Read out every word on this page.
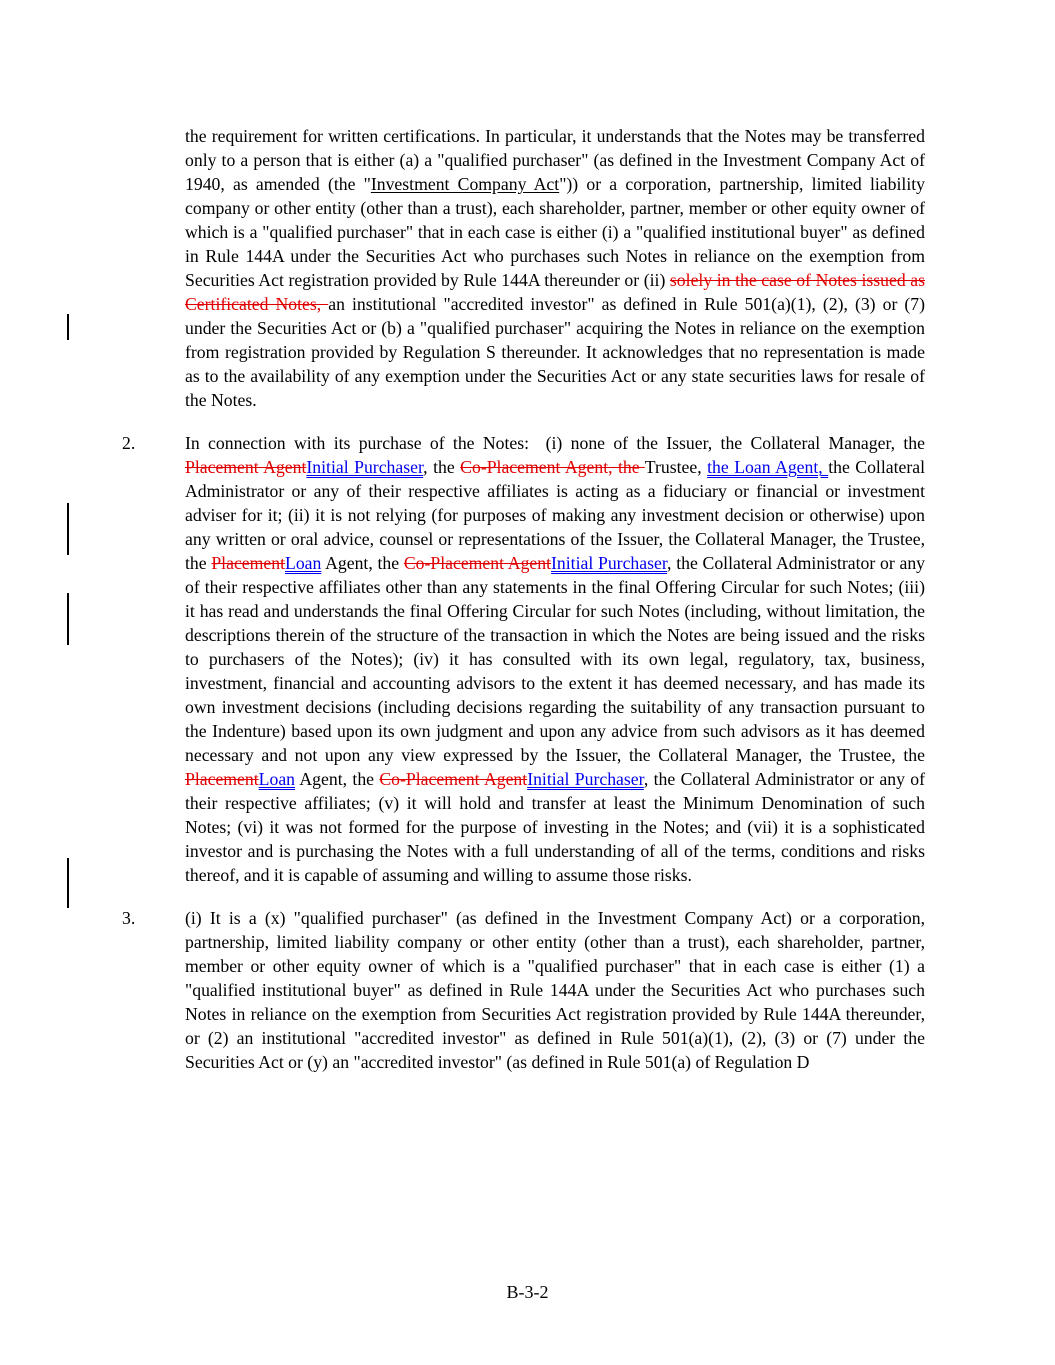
the requirement for written certifications. In particular, it understands that the Notes may be transferred only to a person that is either (a) a "qualified purchaser" (as defined in the Investment Company Act of 1940, as amended (the "Investment Company Act")) or a corporation, partnership, limited liability company or other entity (other than a trust), each shareholder, partner, member or other equity owner of which is a "qualified purchaser" that in each case is either (i) a "qualified institutional buyer" as defined in Rule 144A under the Securities Act who purchases such Notes in reliance on the exemption from Securities Act registration provided by Rule 144A thereunder or (ii) solely in the case of Notes issued as Certificated Notes, an institutional "accredited investor" as defined in Rule 501(a)(1), (2), (3) or (7) under the Securities Act or (b) a "qualified purchaser" acquiring the Notes in reliance on the exemption from registration provided by Regulation S thereunder. It acknowledges that no representation is made as to the availability of any exemption under the Securities Act or any state securities laws for resale of the Notes.
2.	In connection with its purchase of the Notes:  (i) none of the Issuer, the Collateral Manager, the Placement AgentInitial Purchaser, the Co-Placement Agent, the Trustee, the Loan Agent, the Collateral Administrator or any of their respective affiliates is acting as a fiduciary or financial or investment adviser for it; (ii) it is not relying (for purposes of making any investment decision or otherwise) upon any written or oral advice, counsel or representations of the Issuer, the Collateral Manager, the Trustee, the PlacementLoan Agent, the Co-Placement AgentInitial Purchaser, the Collateral Administrator or any of their respective affiliates other than any statements in the final Offering Circular for such Notes; (iii) it has read and understands the final Offering Circular for such Notes (including, without limitation, the descriptions therein of the structure of the transaction in which the Notes are being issued and the risks to purchasers of the Notes); (iv) it has consulted with its own legal, regulatory, tax, business, investment, financial and accounting advisors to the extent it has deemed necessary, and has made its own investment decisions (including decisions regarding the suitability of any transaction pursuant to the Indenture) based upon its own judgment and upon any advice from such advisors as it has deemed necessary and not upon any view expressed by the Issuer, the Collateral Manager, the Trustee, the PlacementLoan Agent, the Co-Placement AgentInitial Purchaser, the Collateral Administrator or any of their respective affiliates; (v) it will hold and transfer at least the Minimum Denomination of such Notes; (vi) it was not formed for the purpose of investing in the Notes; and (vii) it is a sophisticated investor and is purchasing the Notes with a full understanding of all of the terms, conditions and risks thereof, and it is capable of assuming and willing to assume those risks.
3.	(i) It is a (x) "qualified purchaser" (as defined in the Investment Company Act) or a corporation, partnership, limited liability company or other entity (other than a trust), each shareholder, partner, member or other equity owner of which is a "qualified purchaser" that in each case is either (1) a "qualified institutional buyer" as defined in Rule 144A under the Securities Act who purchases such Notes in reliance on the exemption from Securities Act registration provided by Rule 144A thereunder, or (2) an institutional "accredited investor" as defined in Rule 501(a)(1), (2), (3) or (7) under the Securities Act or (y) an "accredited investor" (as defined in Rule 501(a) of Regulation D
B-3-2
